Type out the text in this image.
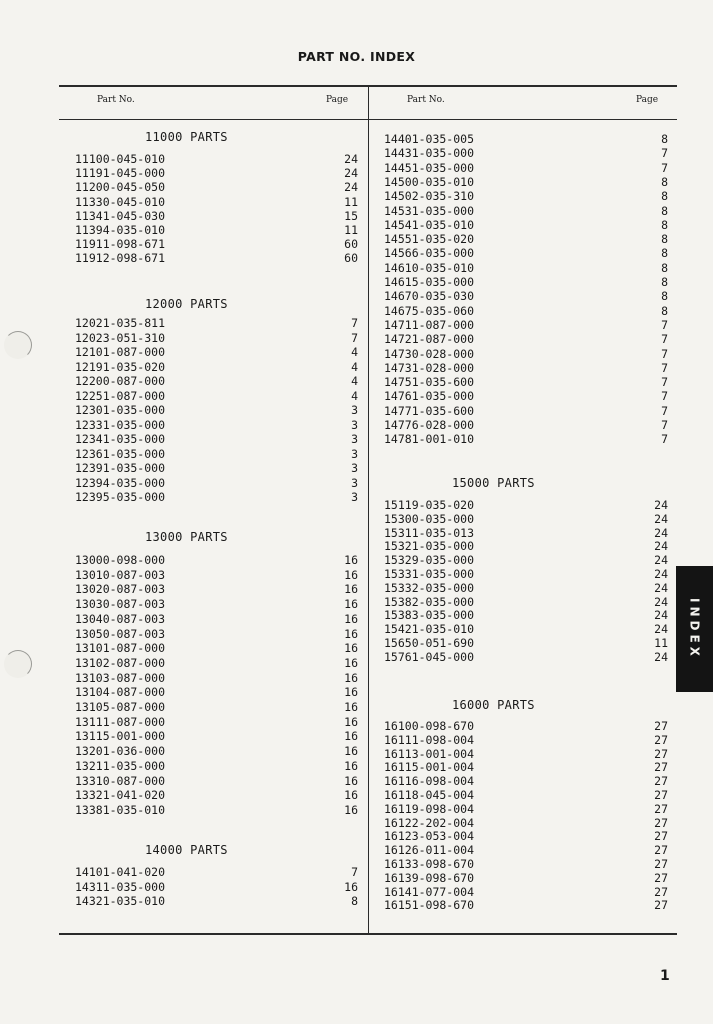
PART NO. INDEX
Part No.	Page	Part No.	Page
11000 PARTS
11100-045-010	24
11191-045-000	24
11200-045-050	24
11330-045-010	11
11341-045-030	15
11394-035-010	11
11911-098-671	60
11912-098-671	60
12000 PARTS
12021-035-811	7
12023-051-310	7
12101-087-000	4
12191-035-020	4
12200-087-000	4
12251-087-000	4
12301-035-000	3
12331-035-000	3
12341-035-000	3
12361-035-000	3
12391-035-000	3
12394-035-000	3
12395-035-000	3
13000 PARTS
13000-098-000	16
13010-087-003	16
13020-087-003	16
13030-087-003	16
13040-087-003	16
13050-087-003	16
13101-087-000	16
13102-087-000	16
13103-087-000	16
13104-087-000	16
13105-087-000	16
13111-087-000	16
13115-001-000	16
13201-036-000	16
13211-035-000	16
13310-087-000	16
13321-041-020	16
13381-035-010	16
14000 PARTS
14101-041-020	7
14311-035-000	16
14321-035-010	8
14401-035-005	8
14431-035-000	7
14451-035-000	7
14500-035-010	8
14502-035-310	8
14531-035-000	8
14541-035-010	8
14551-035-020	8
14566-035-000	8
14610-035-010	8
14615-035-000	8
14670-035-030	8
14675-035-060	8
14711-087-000	7
14721-087-000	7
14730-028-000	7
14731-028-000	7
14751-035-600	7
14761-035-000	7
14771-035-600	7
14776-028-000	7
14781-001-010	7
15000 PARTS
15119-035-020	24
15300-035-000	24
15311-035-013	24
15321-035-000	24
15329-035-000	24
15331-035-000	24
15332-035-000	24
15382-035-000	24
15383-035-000	24
15421-035-010	24
15650-051-690	11
15761-045-000	24
16000 PARTS
16100-098-670	27
16111-098-004	27
16113-001-004	27
16115-001-004	27
16116-098-004	27
16118-045-004	27
16119-098-004	27
16122-202-004	27
16123-053-004	27
16126-011-004	27
16133-098-670	27
16139-098-670	27
16141-077-004	27
16151-098-670	27
INDEX
1
